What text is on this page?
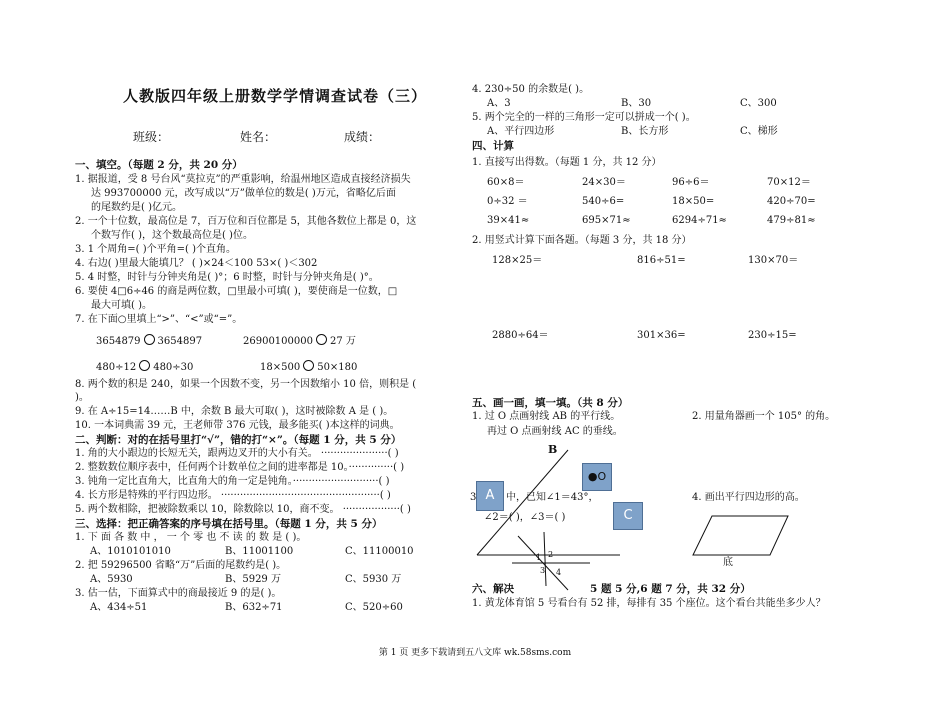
人教版四年级上册数学学情调查试卷（三）
班级：	姓名：	成绩：
一、填空。（每题 2 分，共 20 分）
1. 据报道，受 8 号台风“莫拉克”的严重影响，给温州地区造成直接经济损失
达 993700000 元，改写成以“万”做单位的数是( )万元，省略亿后面
的尾数约是( )亿元。
2. 一个十位数，最高位是 7，百万位和百位都是 5，其他各数位上都是 0，这
个数写作( )，这个数最高位是( )位。
3. 1 个周角=( )个平角=( )个直角。
4. 右边( )里最大能填几？ ( )×24＜100 53×( )＜302
5. 4 时整，时针与分钟夹角是( )°；6 时整，时针与分钟夹角是( )°。
6. 要使 4□6÷46 的商是两位数，□里最小可填( )，要使商是一位数，□
最大可填( )。
7. 在下面○里填上“>”、“<”或“=”。
3654879 3654897	26900100000 27 万
480÷12 480÷30	18×500 50×180
8. 两个数的积是 240，如果一个因数不变，另一个因数缩小 10 倍，则积是 (
)。
9. 在 A÷15=14……B 中，余数 B 最大可取( )，这时被除数 A 是 ( )。
10. 一本词典需 39 元，王老师带 376 元钱，最多能买( )本这样的词典。
二、判断：对的在括号里打“√”，错的打“×”。（每题 1 分，共 5 分）
1. 角的大小跟边的长短无关，跟两边叉开的大小有关。 ·····················( )
2. 整数数位顺序表中，任何两个计数单位之间的进率都是 10。··············( )
3. 钝角一定比直角大，比直角大的角一定是钝角。···························( )
4. 长方形是特殊的平行四边形。 ··················································( )
5. 两个数相除，把被除数乘以 10，除数除以 10，商不变。 ··················( )
三、选择：把正确答案的序号填在括号里。（每题 1 分，共 5 分）
1. 下 面 各 数 中 ， 一 个 零 也 不 读 的 数 是 ( )。
A、1010101010	B、11001100	C、11100010
2. 把 59296500 省略“万”后面的尾数约是( )。
A、5930	B、5929 万	C、5930 万
3. 估一估，下面算式中的商最接近 9 的是( )。
A、434÷51	B、632÷71	C、520÷60
4. 230÷50 的余数是( )。
A、3	B、30	C、300
5. 两个完全的一样的三角形一定可以拼成一个( )。
A、平行四边形	B、长方形	C、梯形
四、计算
1. 直接写出得数。（每题 1 分，共 12 分）
60×8＝	24×30＝	96÷6＝	70×12＝
0÷32 ＝	540÷6=	18×50=	420÷70=
39×41≈	695×71≈	6294÷71≈	479÷81≈
2. 用竖式计算下面各题。（每题 3 分，共 18 分）
128×25＝	816÷51=	130×70＝
2880÷64＝	301×36=	230÷15=
五、画一画，填一填。（共 8 分）
1. 过 O 点画射线 AB 的平行线。
再过 O 点画射线 AC 的垂线。
2. 用量角器画一个 105° 的角。
B
●O
A
C
3	中，已知∠1＝43°，
∠2＝( )，∠3＝( )
1 2
3 4
4. 画出平行四边形的高。
底
六、解决	5 题 5 分,6 题 7 分，共 32 分）
1. 黄龙体育馆 5 号看台有 52 排，每排有 35 个座位。这个看台共能坐多少人？
第 1 页 更多下载请到五八文库 wk.58sms.com
